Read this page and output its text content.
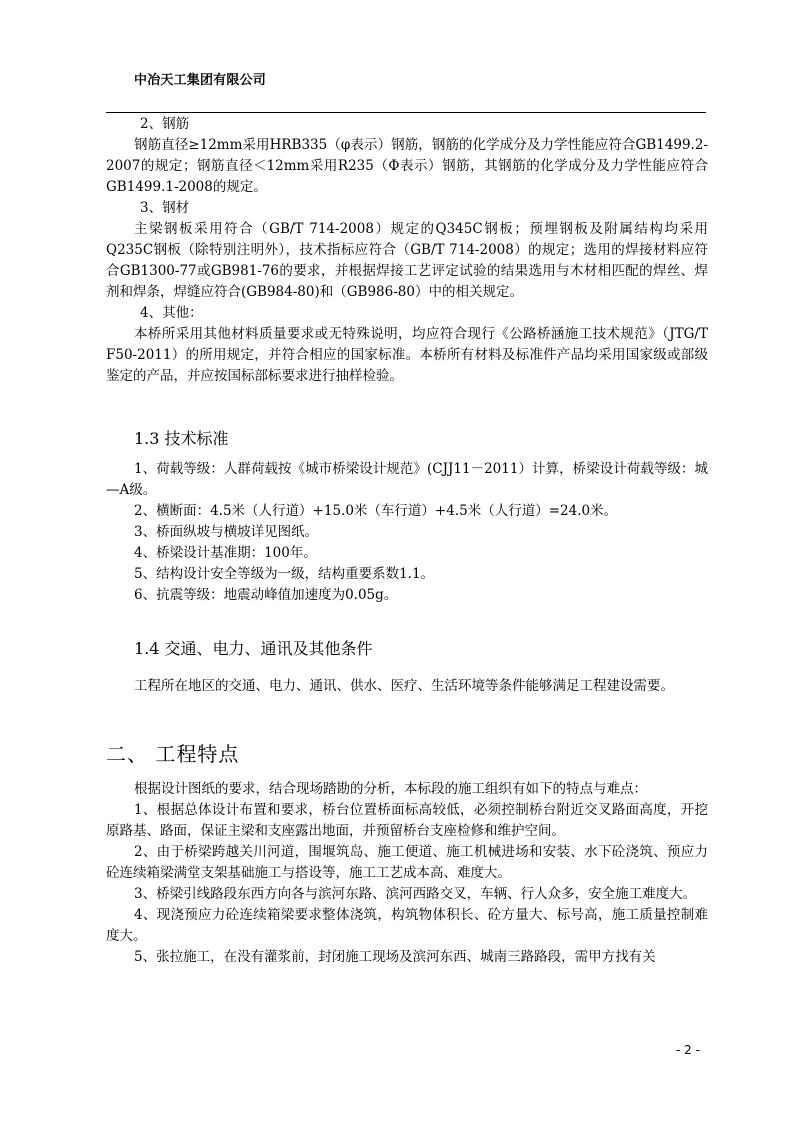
中冶天工集团有限公司

2、钢筋

钢筋直径≥12mm采用HRB335（φ表示）钢筋，钢筋的化学成分及力学性能应符合GB1499.2-2007的规定；钢筋直径＜12mm采用R235（Φ表示）钢筋，其钢筋的化学成分及力学性能应符合GB1499.1-2008的规定。

3、钢材

主梁钢板采用符合（GB/T 714-2008）规定的Q345C钢板；预埋钢板及附属结构均采用Q235C钢板（除特别注明外），技术指标应符合（GB/T 714-2008）的规定；选用的焊接材料应符合GB1300-77或GB981-76的要求，并根据焊接工艺评定试验的结果选用与木材相匹配的焊丝、焊剂和焊条，焊缝应符合(GB984-80)和（GB986-80）中的相关规定。

4、其他：

本桥所采用其他材料质量要求或无特殊说明，均应符合现行《公路桥涵施工技术规范》（JTG/T F50-2011）的所用规定，并符合相应的国家标准。本桥所有材料及标准件产品均采用国家级或部级鉴定的产品，并应按国标部标要求进行抽样检验。

1.3 技术标准

1、荷载等级：人群荷载按《城市桥梁设计规范》(CJJ11－2011）计算，桥梁设计荷载等级：城—A级。

2、横断面：4.5米（人行道）+15.0米（车行道）+4.5米（人行道）=24.0米。

3、桥面纵坡与横坡详见图纸。

4、桥梁设计基准期：100年。

5、结构设计安全等级为一级，结构重要系数1.1。

6、抗震等级：地震动峰值加速度为0.05g。

1.4 交通、电力、通讯及其他条件

工程所在地区的交通、电力、通讯、供水、医疗、生活环境等条件能够满足工程建设需要。

二、 工程特点

根据设计图纸的要求，结合现场踏勘的分析，本标段的施工组织有如下的特点与难点：

1、根据总体设计布置和要求，桥台位置桥面标高较低，必须控制桥台附近交叉路面高度，开挖原路基、路面，保证主梁和支座露出地面，并预留桥台支座检修和维护空间。

2、由于桥梁跨越关川河道，围堰筑岛、施工便道、施工机械进场和安装、水下砼浇筑、预应力砼连续箱梁满堂支架基础施工与搭设等，施工工艺成本高、难度大。

3、桥梁引线路段东西方向各与滨河东路、滨河西路交叉，车辆、行人众多，安全施工难度大。

4、现浇预应力砼连续箱梁要求整体浇筑，构筑物体积长、砼方量大、标号高，施工质量控制难度大。

5、张拉施工，在没有灌浆前，封闭施工现场及滨河东西、城南三路路段，需甲方找有关

- 2 -
